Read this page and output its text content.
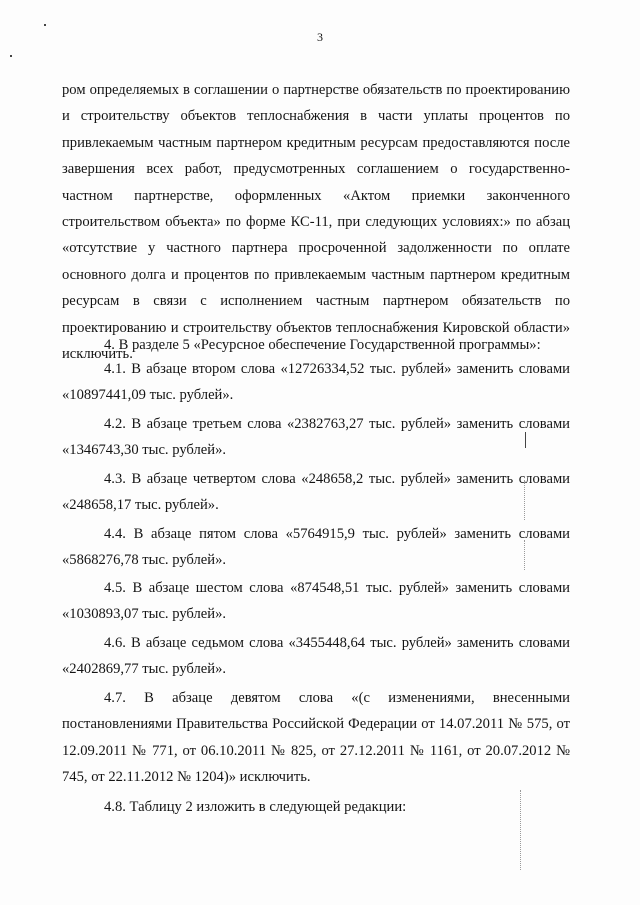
3

ром определяемых в соглашении о партнерстве обязательств по проектированию и строительству объектов теплоснабжения в части уплаты процентов по привлекаемым частным партнером кредитным ресурсам предоставляются после завершения всех работ, предусмотренных соглашением о государственно-частном партнерстве, оформленных «Актом приемки законченного строительством объекта» по форме КС-11, при следующих условиях:» по абзац «отсутствие у частного партнера просроченной задолженности по оплате основного долга и процентов по привлекаемым частным партнером кредитным ресурсам в связи с исполнением частным партнером обязательств по проектированию и строительству объектов теплоснабжения Кировской области» исключить.

4. В разделе 5 «Ресурсное обеспечение Государственной программы»:

4.1. В абзаце втором слова «12726334,52 тыс. рублей» заменить словами «10897441,09 тыс. рублей».

4.2. В абзаце третьем слова «2382763,27 тыс. рублей» заменить словами «1346743,30 тыс. рублей».

4.3. В абзаце четвертом слова «248658,2 тыс. рублей» заменить словами «248658,17 тыс. рублей».

4.4. В абзаце пятом слова «5764915,9 тыс. рублей» заменить словами «5868276,78 тыс. рублей».

4.5. В абзаце шестом слова «874548,51 тыс. рублей» заменить словами «1030893,07 тыс. рублей».

4.6. В абзаце седьмом слова «3455448,64 тыс. рублей» заменить словами «2402869,77 тыс. рублей».

4.7. В абзаце девятом слова «(с изменениями, внесенными постановлениями Правительства Российской Федерации от 14.07.2011 № 575, от 12.09.2011 № 771, от 06.10.2011 № 825, от 27.12.2011 № 1161, от 20.07.2012 № 745, от 22.11.2012 № 1204)» исключить.

4.8. Таблицу 2 изложить в следующей редакции:
